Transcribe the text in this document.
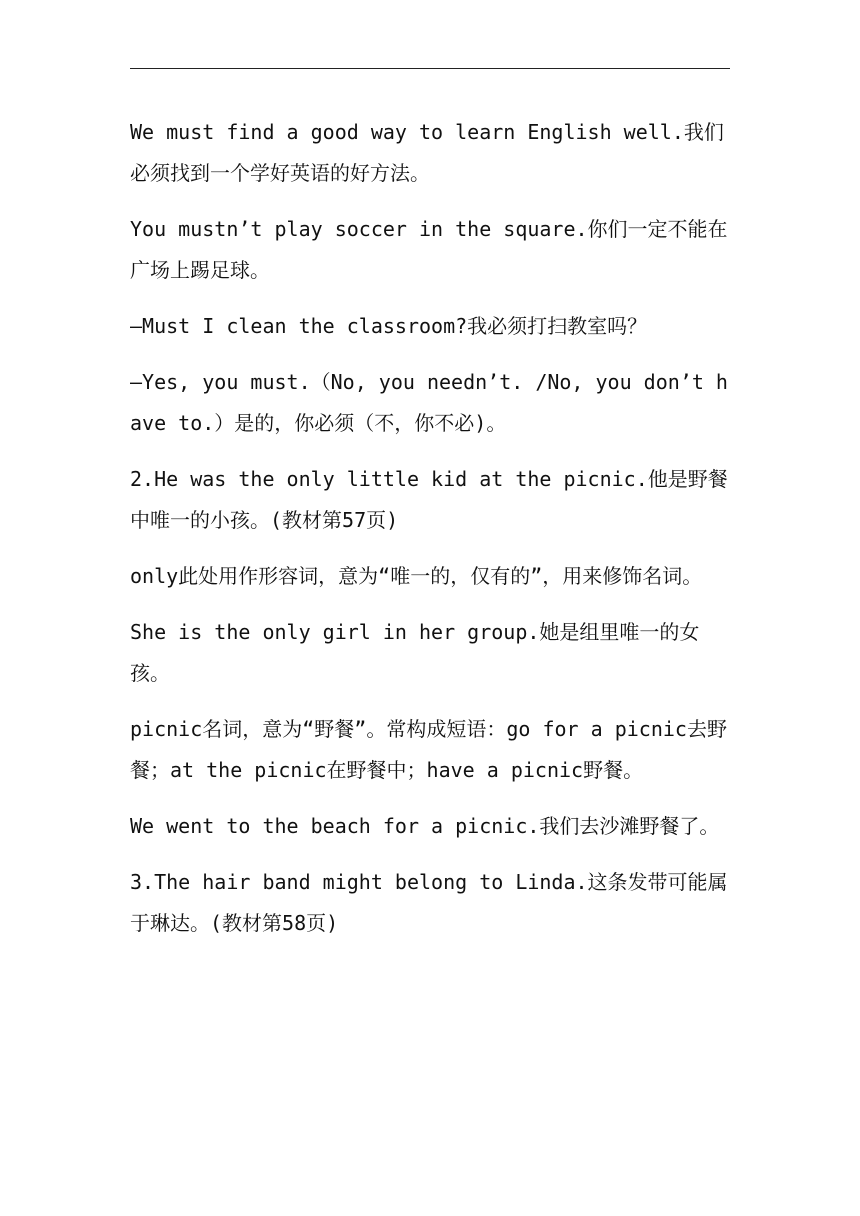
We must find a good way to learn English well.我们必须找到一个学好英语的好方法。

You mustn’t play soccer in the square.你们一定不能在广场上踢足球。

—Must I clean the classroom?我必须打扫教室吗？

—Yes, you must.（No, you needn’t. /No, you don’t have to.）是的，你必须（不，你不必)。

2.He was the only little kid at the picnic.他是野餐中唯一的小孩。(教材第57页)

only此处用作形容词，意为“唯一的，仅有的”，用来修饰名词。

She is the only girl in her group.她是组里唯一的女孩。

picnic名词，意为“野餐”。常构成短语：go for a picnic去野餐；at the picnic在野餐中；have a picnic野餐。

We went to the beach for a picnic.我们去沙滩野餐了。

3.The hair band might belong to Linda.这条发带可能属于琳达。(教材第58页)
